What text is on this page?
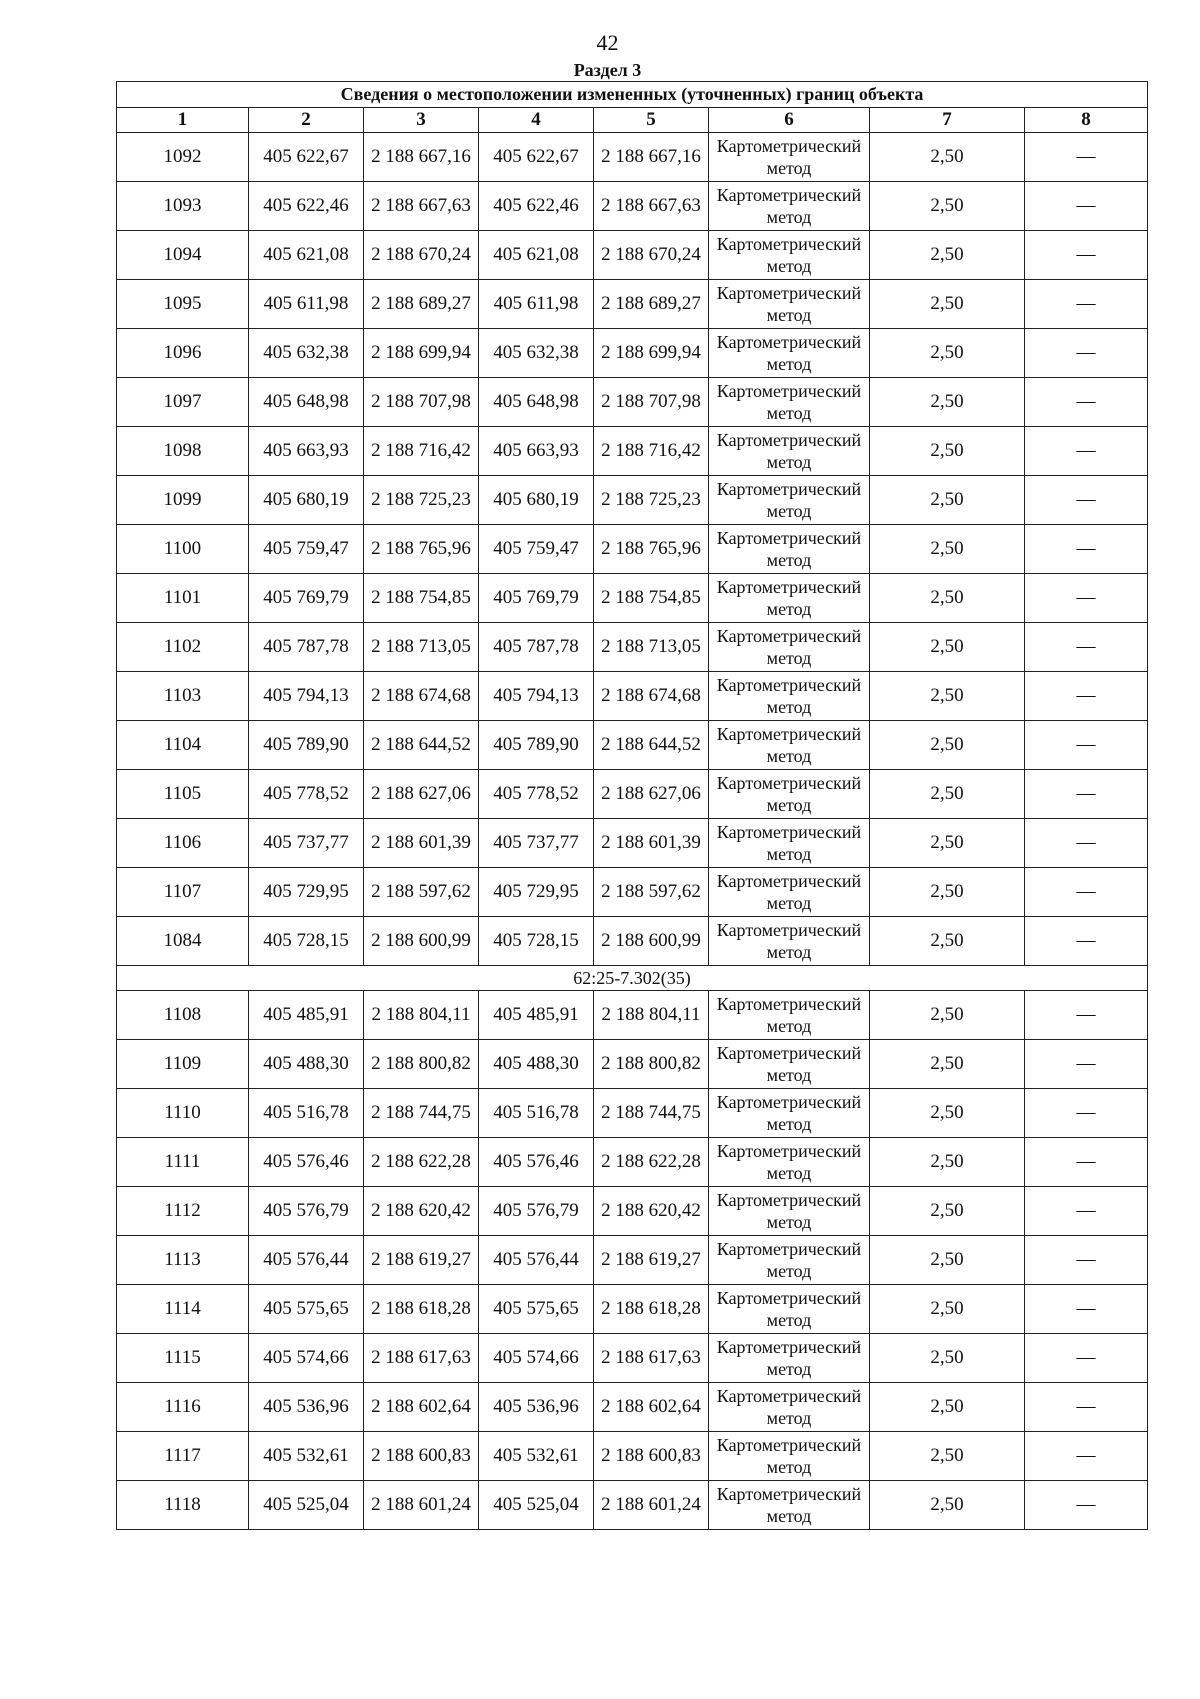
42
Раздел 3
Сведения о местоположении измененных (уточненных) границ объекта							
1	2	3	4	5	6	7	8
1092	405 622,67	2 188 667,16	405 622,67	2 188 667,16	Картометрический метод	2,50	—
1093	405 622,46	2 188 667,63	405 622,46	2 188 667,63	Картометрический метод	2,50	—
1094	405 621,08	2 188 670,24	405 621,08	2 188 670,24	Картометрический метод	2,50	—
1095	405 611,98	2 188 689,27	405 611,98	2 188 689,27	Картометрический метод	2,50	—
1096	405 632,38	2 188 699,94	405 632,38	2 188 699,94	Картометрический метод	2,50	—
1097	405 648,98	2 188 707,98	405 648,98	2 188 707,98	Картометрический метод	2,50	—
1098	405 663,93	2 188 716,42	405 663,93	2 188 716,42	Картометрический метод	2,50	—
1099	405 680,19	2 188 725,23	405 680,19	2 188 725,23	Картометрический метод	2,50	—
1100	405 759,47	2 188 765,96	405 759,47	2 188 765,96	Картометрический метод	2,50	—
1101	405 769,79	2 188 754,85	405 769,79	2 188 754,85	Картометрический метод	2,50	—
1102	405 787,78	2 188 713,05	405 787,78	2 188 713,05	Картометрический метод	2,50	—
1103	405 794,13	2 188 674,68	405 794,13	2 188 674,68	Картометрический метод	2,50	—
1104	405 789,90	2 188 644,52	405 789,90	2 188 644,52	Картометрический метод	2,50	—
1105	405 778,52	2 188 627,06	405 778,52	2 188 627,06	Картометрический метод	2,50	—
1106	405 737,77	2 188 601,39	405 737,77	2 188 601,39	Картометрический метод	2,50	—
1107	405 729,95	2 188 597,62	405 729,95	2 188 597,62	Картометрический метод	2,50	—
1084	405 728,15	2 188 600,99	405 728,15	2 188 600,99	Картометрический метод	2,50	—
62:25-7.302(35)							
1108	405 485,91	2 188 804,11	405 485,91	2 188 804,11	Картометрический метод	2,50	—
1109	405 488,30	2 188 800,82	405 488,30	2 188 800,82	Картометрический метод	2,50	—
1110	405 516,78	2 188 744,75	405 516,78	2 188 744,75	Картометрический метод	2,50	—
1111	405 576,46	2 188 622,28	405 576,46	2 188 622,28	Картометрический метод	2,50	—
1112	405 576,79	2 188 620,42	405 576,79	2 188 620,42	Картометрический метод	2,50	—
1113	405 576,44	2 188 619,27	405 576,44	2 188 619,27	Картометрический метод	2,50	—
1114	405 575,65	2 188 618,28	405 575,65	2 188 618,28	Картометрический метод	2,50	—
1115	405 574,66	2 188 617,63	405 574,66	2 188 617,63	Картометрический метод	2,50	—
1116	405 536,96	2 188 602,64	405 536,96	2 188 602,64	Картометрический метод	2,50	—
1117	405 532,61	2 188 600,83	405 532,61	2 188 600,83	Картометрический метод	2,50	—
1118	405 525,04	2 188 601,24	405 525,04	2 188 601,24	Картометрический метод	2,50	—
